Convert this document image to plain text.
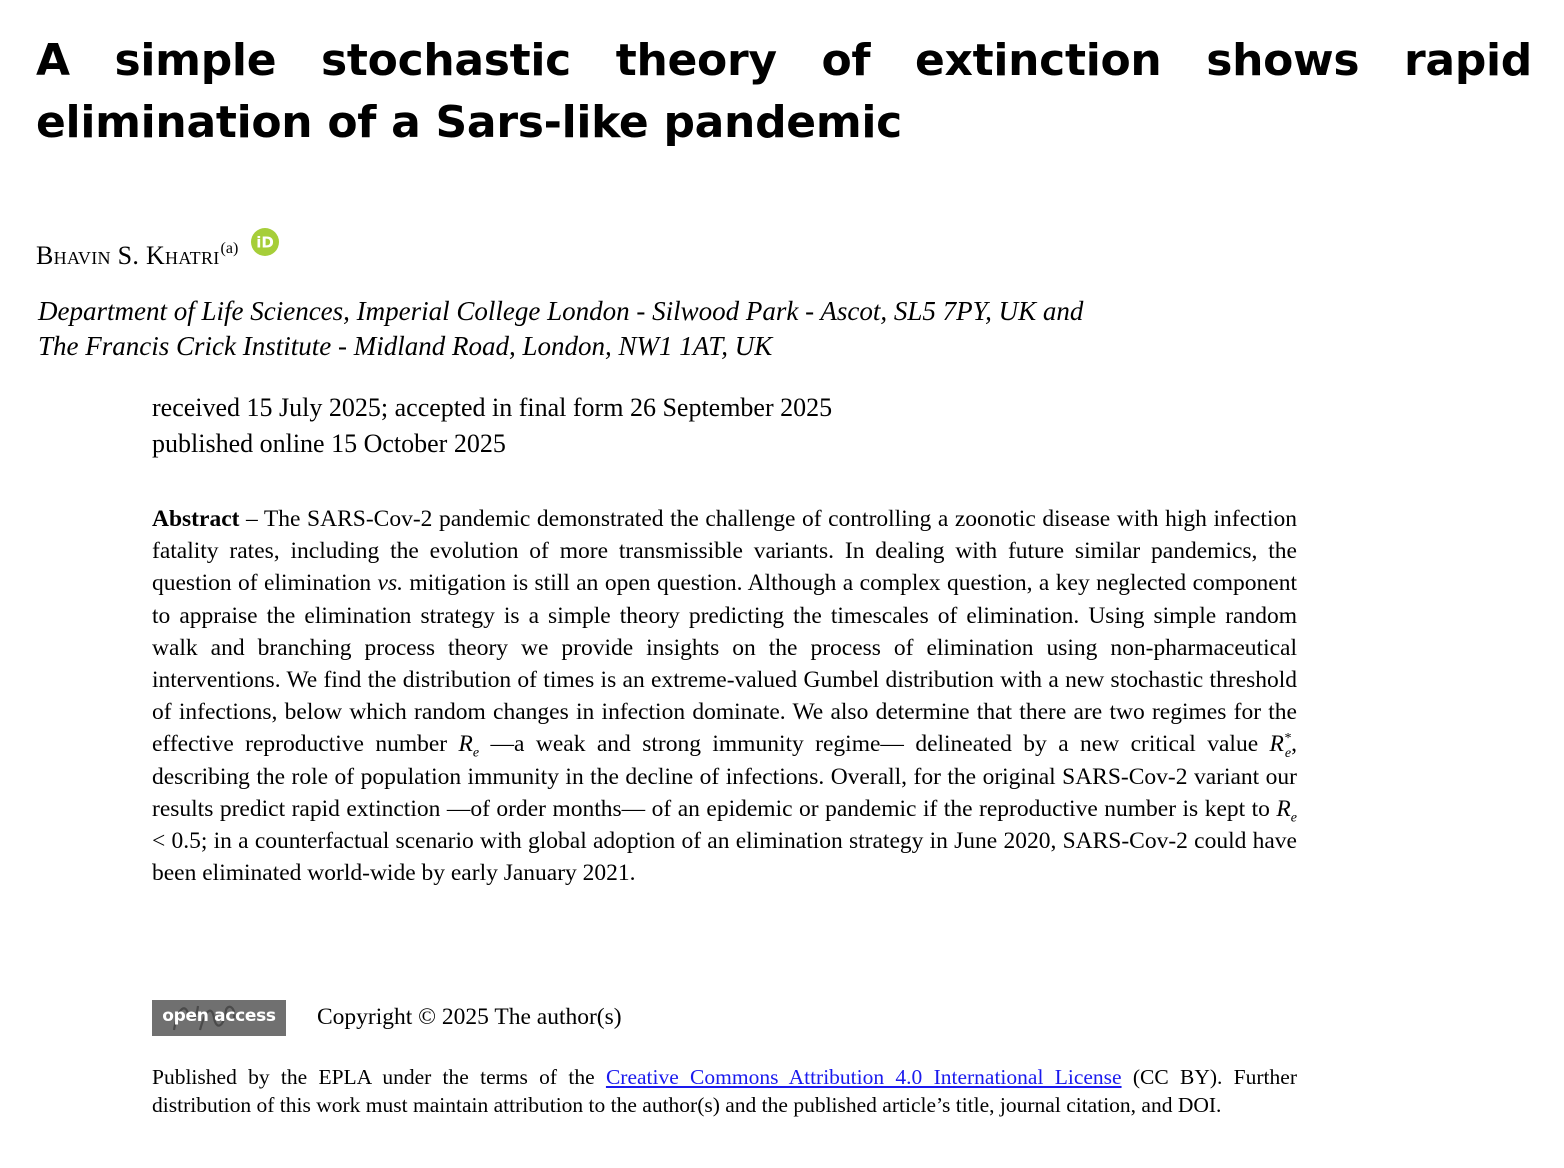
A simple stochastic theory of extinction shows rapid elimination of a Sars-like pandemic
Bhavin S. Khatri$^{(a)}$ iD
Department of Life Sciences, Imperial College London - Silwood Park - Ascot, SL5 7PY, UK and
The Francis Crick Institute - Midland Road, London, NW1 1AT, UK
received 15 July 2025; accepted in final form 26 September 2025
published online 15 October 2025

Abstract – The SARS-Cov-2 pandemic demonstrated the challenge of controlling a zoonotic disease with high infection fatality rates, including the evolution of more transmissible variants. In dealing with future similar pandemics, the question of elimination vs. mitigation is still an open question. Although a complex question, a key neglected component to appraise the elimination strategy is a simple theory predicting the timescales of elimination. Using simple random walk and branching process theory we provide insights on the process of elimination using non-pharmaceutical interventions. We find the distribution of times is an extreme-valued Gumbel distribution with a new stochastic threshold of infections, below which random changes in infection dominate. We also determine that there are two regimes for the effective reproductive number $R_e$ —a weak and strong immunity regime— delineated by a new critical value $R^*_e$, describing the role of population immunity in the decline of infections. Overall, for the original SARS-Cov-2 variant our results predict rapid extinction —of order months— of an epidemic or pandemic if the reproductive number is kept to $R_e < 0.5$; in a counterfactual scenario with global adoption of an elimination strategy in June 2020, SARS-Cov-2 could have been eliminated world-wide by early January 2021.

open access	Copyright © 2025 The author(s)

Published by the EPLA under the terms of the Creative Commons Attribution 4.0 International License (CC BY). Further distribution of this work must maintain attribution to the author(s) and the published article’s title, journal citation, and DOI.
